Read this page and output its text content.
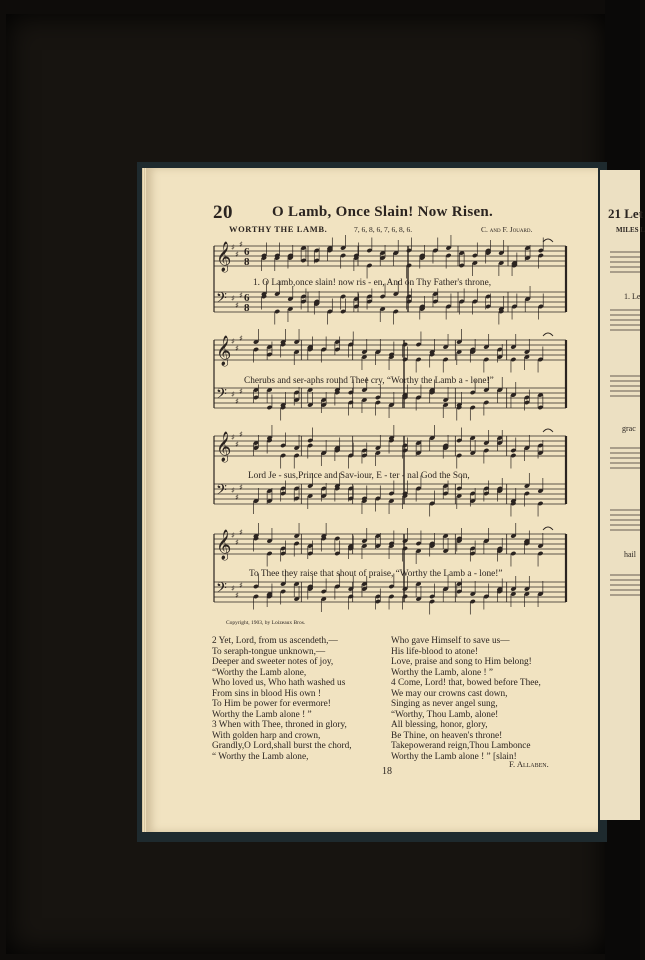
21 Let
MILES L
1. Le
grac
hail
20	O Lamb, Once Slain! Now Risen.
WORTHY THE LAMB.	7, 6, 8, 6, 7, 6, 8, 6.	C. and F. Jouard.
𝄞 ♯
♯
♯
𝄢 ♯
♯
♯
6
8
6
8
𝄞 ♯
♯
♯
𝄢 ♯
♯
♯
𝄞 ♯
♯
♯
𝄢 ♯
♯
♯
𝄞 ♯
♯
♯
𝄢 ♯
♯
♯
1. O Lamb,once slain! now ris - en, And on Thy Father's throne,
Cherubs and ser-aphs round Thee cry, “Worthy the Lamb a - lone!”
Lord Je - sus,Prince and Sav-iour, E - ter - nal God the Son,
To Thee they raise that shout of praise, “Worthy the Lamb a - lone!”
Copyright, 1903, by Loizeaux Bros.
2 Yet, Lord, from us ascendeth,—
To seraph-tongue unknown,—
Deeper and sweeter notes of joy,
“Worthy the Lamb alone,
Who loved us, Who hath washed us
From sins in blood His own !
To Him be power for evermore!
Worthy the Lamb alone ! ”
3 When with Thee, throned in glory,
With golden harp and crown,
Grandly,O Lord,shall burst the chord,
“ Worthy the Lamb alone,
Who gave Himself to save us—
His life-blood to atone!
Love, praise and song to Him belong!
Worthy the Lamb, alone ! ”
4 Come, Lord! that, bowed before Thee,
We may our crowns cast down,
Singing as never angel sung,
“Worthy, Thou Lamb, alone!
All blessing, honor, glory,
Be Thine, on heaven's throne!
Takepowerand reign,Thou Lambonce
Worthy the Lamb alone ! ” [slain!
F. Allaben.
18
